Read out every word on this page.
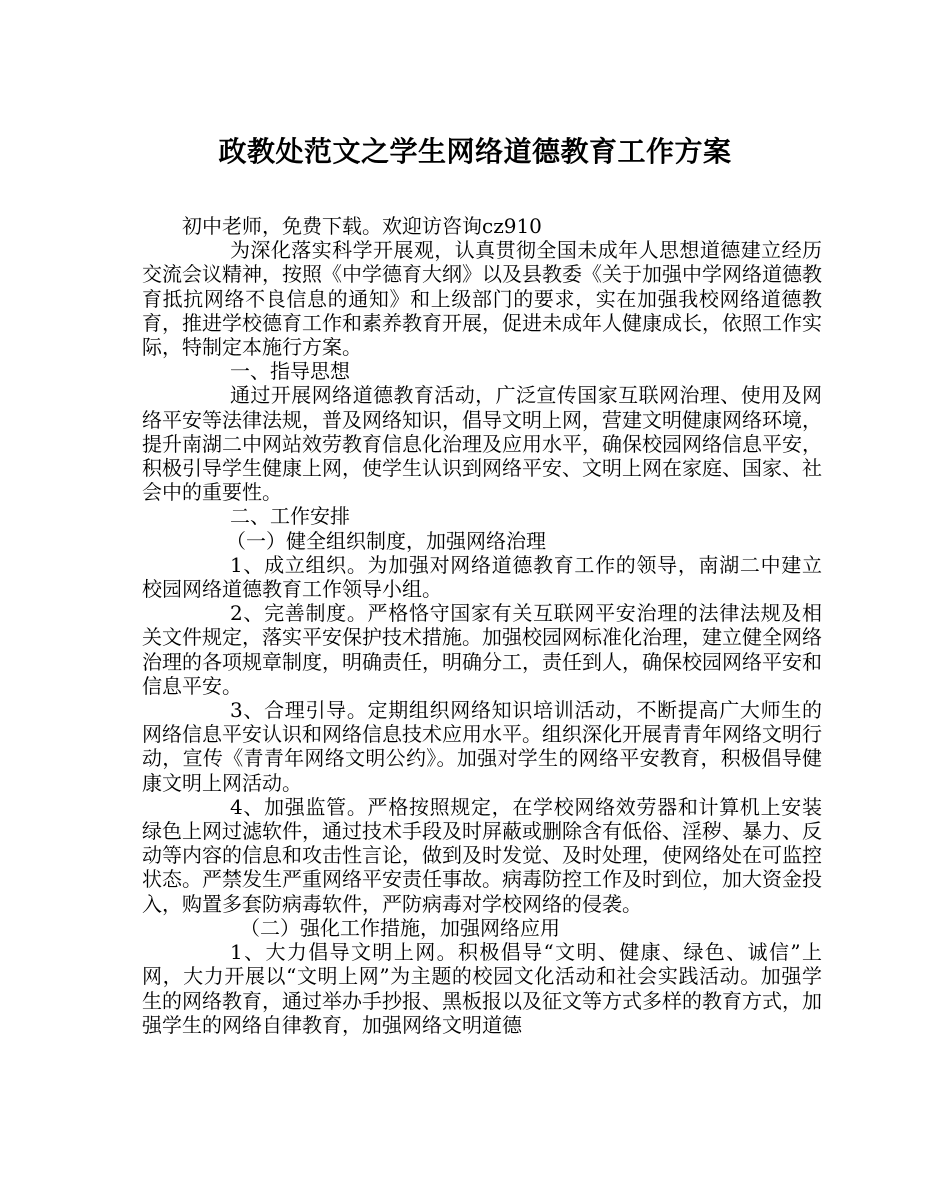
政教处范文之学生网络道德教育工作方案

初中老师，免费下载。欢迎访咨询cz910

为深化落实科学开展观，认真贯彻全国未成年人思想道德建立经历交流会议精神，按照《中学德育大纲》以及县教委《关于加强中学网络道德教育抵抗网络不良信息的通知》和上级部门的要求，实在加强我校网络道德教育，推进学校德育工作和素养教育开展，促进未成年人健康成长，依照工作实际，特制定本施行方案。

一、指导思想

通过开展网络道德教育活动，广泛宣传国家互联网治理、使用及网络平安等法律法规，普及网络知识，倡导文明上网，营建文明健康网络环境，提升南湖二中网站效劳教育信息化治理及应用水平，确保校园网络信息平安，积极引导学生健康上网，使学生认识到网络平安、文明上网在家庭、国家、社会中的重要性。

二、工作安排

（一）健全组织制度，加强网络治理

1、成立组织。为加强对网络道德教育工作的领导，南湖二中建立校园网络道德教育工作领导小组。

2、完善制度。严格恪守国家有关互联网平安治理的法律法规及相关文件规定，落实平安保护技术措施。加强校园网标准化治理，建立健全网络治理的各项规章制度，明确责任，明确分工，责任到人，确保校园网络平安和信息平安。

3、合理引导。定期组织网络知识培训活动，不断提高广大师生的网络信息平安认识和网络信息技术应用水平。组织深化开展青青年网络文明行动，宣传《青青年网络文明公约》。加强对学生的网络平安教育，积极倡导健康文明上网活动。

4、加强监管。严格按照规定，在学校网络效劳器和计算机上安装绿色上网过滤软件，通过技术手段及时屏蔽或删除含有低俗、淫秽、暴力、反动等内容的信息和攻击性言论，做到及时发觉、及时处理，使网络处在可监控状态。严禁发生严重网络平安责任事故。病毒防控工作及时到位，加大资金投入，购置多套防病毒软件，严防病毒对学校网络的侵袭。

（二）强化工作措施，加强网络应用

1、大力倡导文明上网。积极倡导“文明、健康、绿色、诚信”上网，大力开展以“文明上网”为主题的校园文化活动和社会实践活动。加强学生的网络教育，通过举办手抄报、黑板报以及征文等方式多样的教育方式，加强学生的网络自律教育，加强网络文明道德
